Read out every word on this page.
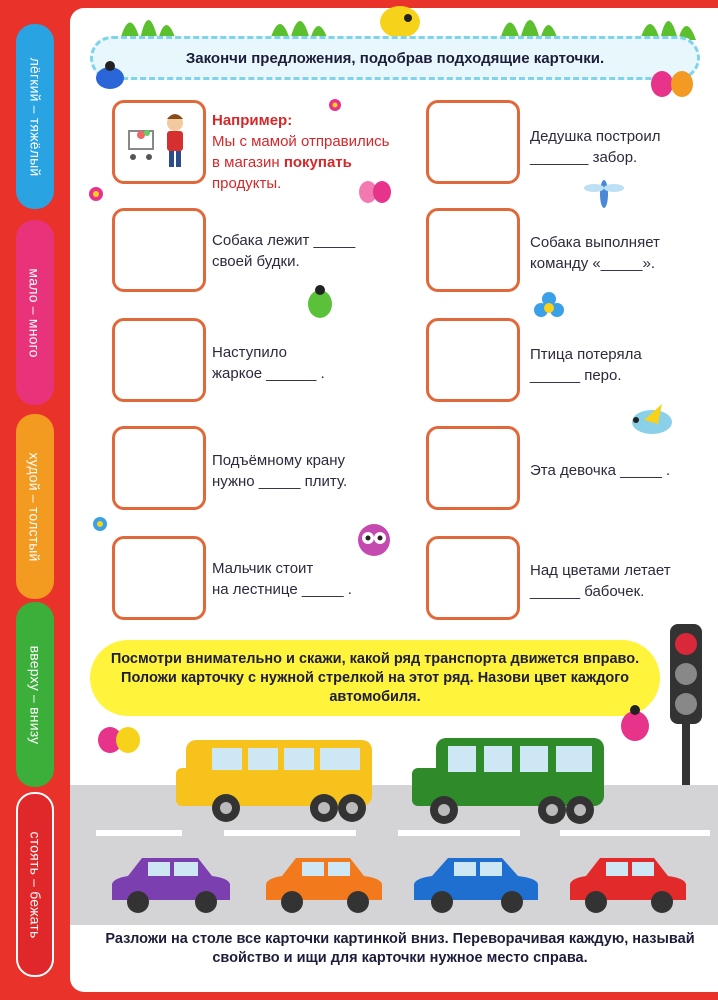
лёгкий – тяжёлый
мало – много
худой – толстый
вверху – внизу
стоять – бежать
Закончи предложения, подобрав подходящие карточки.
Например:
Мы с мамой отправились
в магазин покупать
продукты.
Собака лежит _____
своей будки.
Наступило
жаркое ______ .
Подъёмному крану
нужно _____ плиту.
Мальчик стоит
на лестнице _____ .
Дедушка построил
_______ забор.
Собака выполняет
команду «_____».
Птица потеряла
______ перо.
Эта девочка _____ .
Над цветами летает
______ бабочек.
Посмотри внимательно и скажи, какой ряд транспорта движется вправо. Положи карточку с нужной стрелкой на этот ряд. Назови цвет каждого автомобиля.
Разложи на столе все карточки картинкой вниз. Переворачивая каждую, называй свойство и ищи для карточки нужное место справа.
